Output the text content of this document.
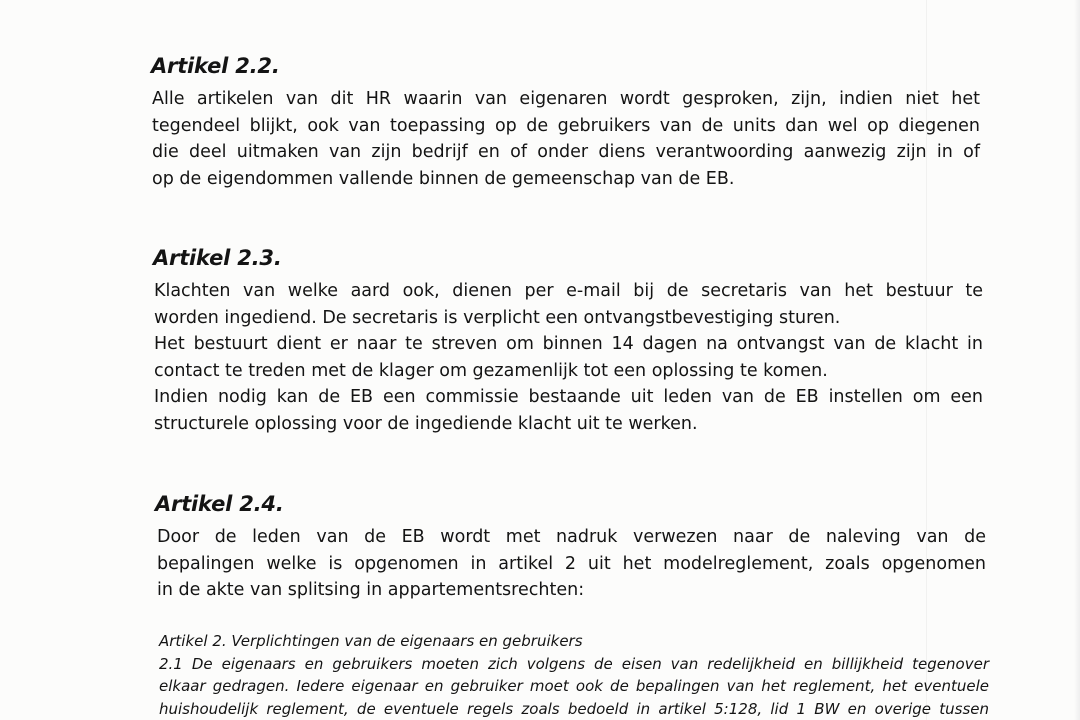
Artikel 2.2.
Alle artikelen van dit HR waarin van eigenaren wordt gesproken, zijn, indien niet het
tegendeel blijkt, ook van toepassing op de gebruikers van de units dan wel op diegenen
die deel uitmaken van zijn bedrijf en of onder diens verantwoording aanwezig zijn in of
op de eigendommen vallende binnen de gemeenschap van de EB.
Artikel 2.3.
Klachten van welke aard ook, dienen per e-mail bij de secretaris van het bestuur te
worden ingediend. De secretaris is verplicht een ontvangstbevestiging sturen.
Het bestuurt dient er naar te streven om binnen 14 dagen na ontvangst van de klacht in
contact te treden met de klager om gezamenlijk tot een oplossing te komen.
Indien nodig kan de EB een commissie bestaande uit leden van de EB instellen om een
structurele oplossing voor de ingediende klacht uit te werken.
Artikel 2.4.
Door de leden van de EB wordt met nadruk verwezen naar de naleving van de
bepalingen welke is opgenomen in artikel 2 uit het modelreglement, zoals opgenomen
in de akte van splitsing in appartementsrechten:
Artikel 2. Verplichtingen van de eigenaars en gebruikers
2.1 De eigenaars en gebruikers moeten zich volgens de eisen van redelijkheid en billijkheid tegenover
elkaar gedragen. Iedere eigenaar en gebruiker moet ook de bepalingen van het reglement, het eventuele
huishoudelijk reglement, de eventuele regels zoals bedoeld in artikel 5:128, lid 1 BW en overige tussen
